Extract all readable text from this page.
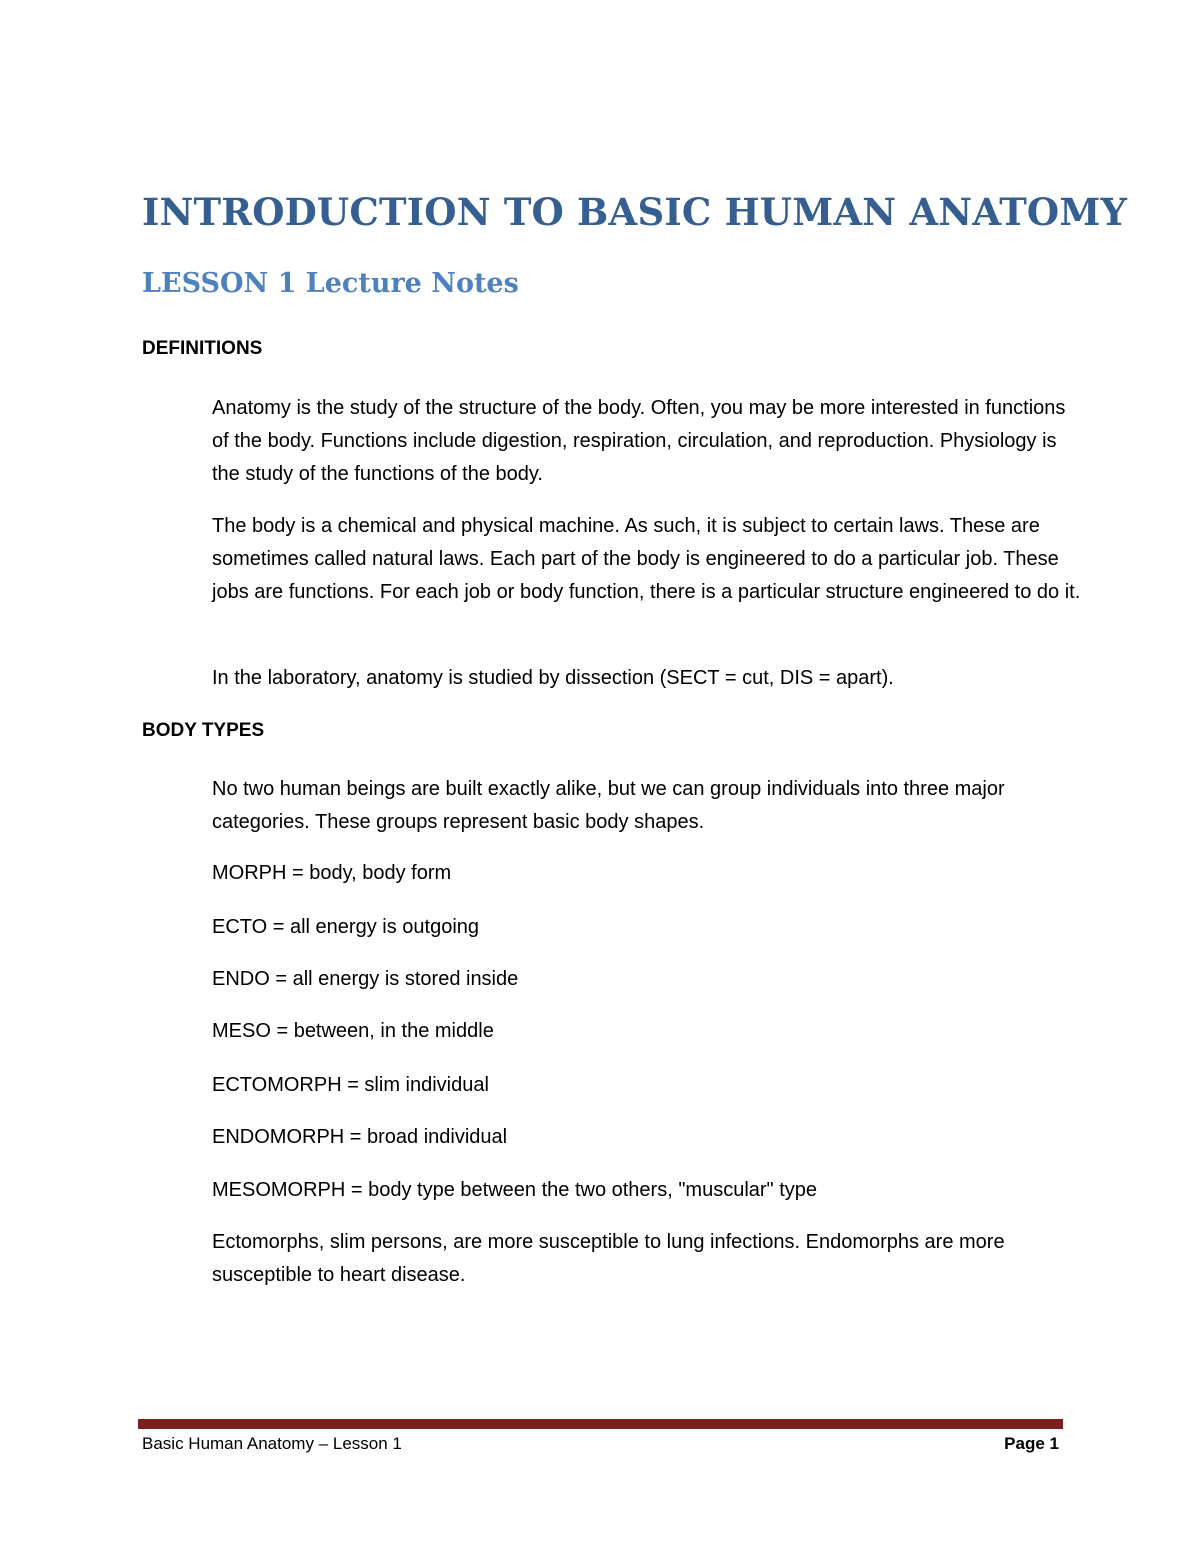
INTRODUCTION TO BASIC HUMAN ANATOMY
LESSON 1 Lecture Notes
DEFINITIONS

Anatomy is the study of the structure of the body. Often, you may be more interested in functions of the body. Functions include digestion, respiration, circulation, and reproduction. Physiology is the study of the functions of the body.

The body is a chemical and physical machine. As such, it is subject to certain laws. These are sometimes called natural laws. Each part of the body is engineered to do a particular job. These jobs are functions. For each job or body function, there is a particular structure engineered to do it.

In the laboratory, anatomy is studied by dissection (SECT = cut, DIS = apart).

BODY TYPES

No two human beings are built exactly alike, but we can group individuals into three major categories. These groups represent basic body shapes.

MORPH = body, body form

ECTO = all energy is outgoing

ENDO = all energy is stored inside

MESO = between, in the middle

ECTOMORPH = slim individual

ENDOMORPH = broad individual

MESOMORPH = body type between the two others, "muscular" type

Ectomorphs, slim persons, are more susceptible to lung infections. Endomorphs are more susceptible to heart disease.

Basic Human Anatomy – Lesson 1	Page 1
